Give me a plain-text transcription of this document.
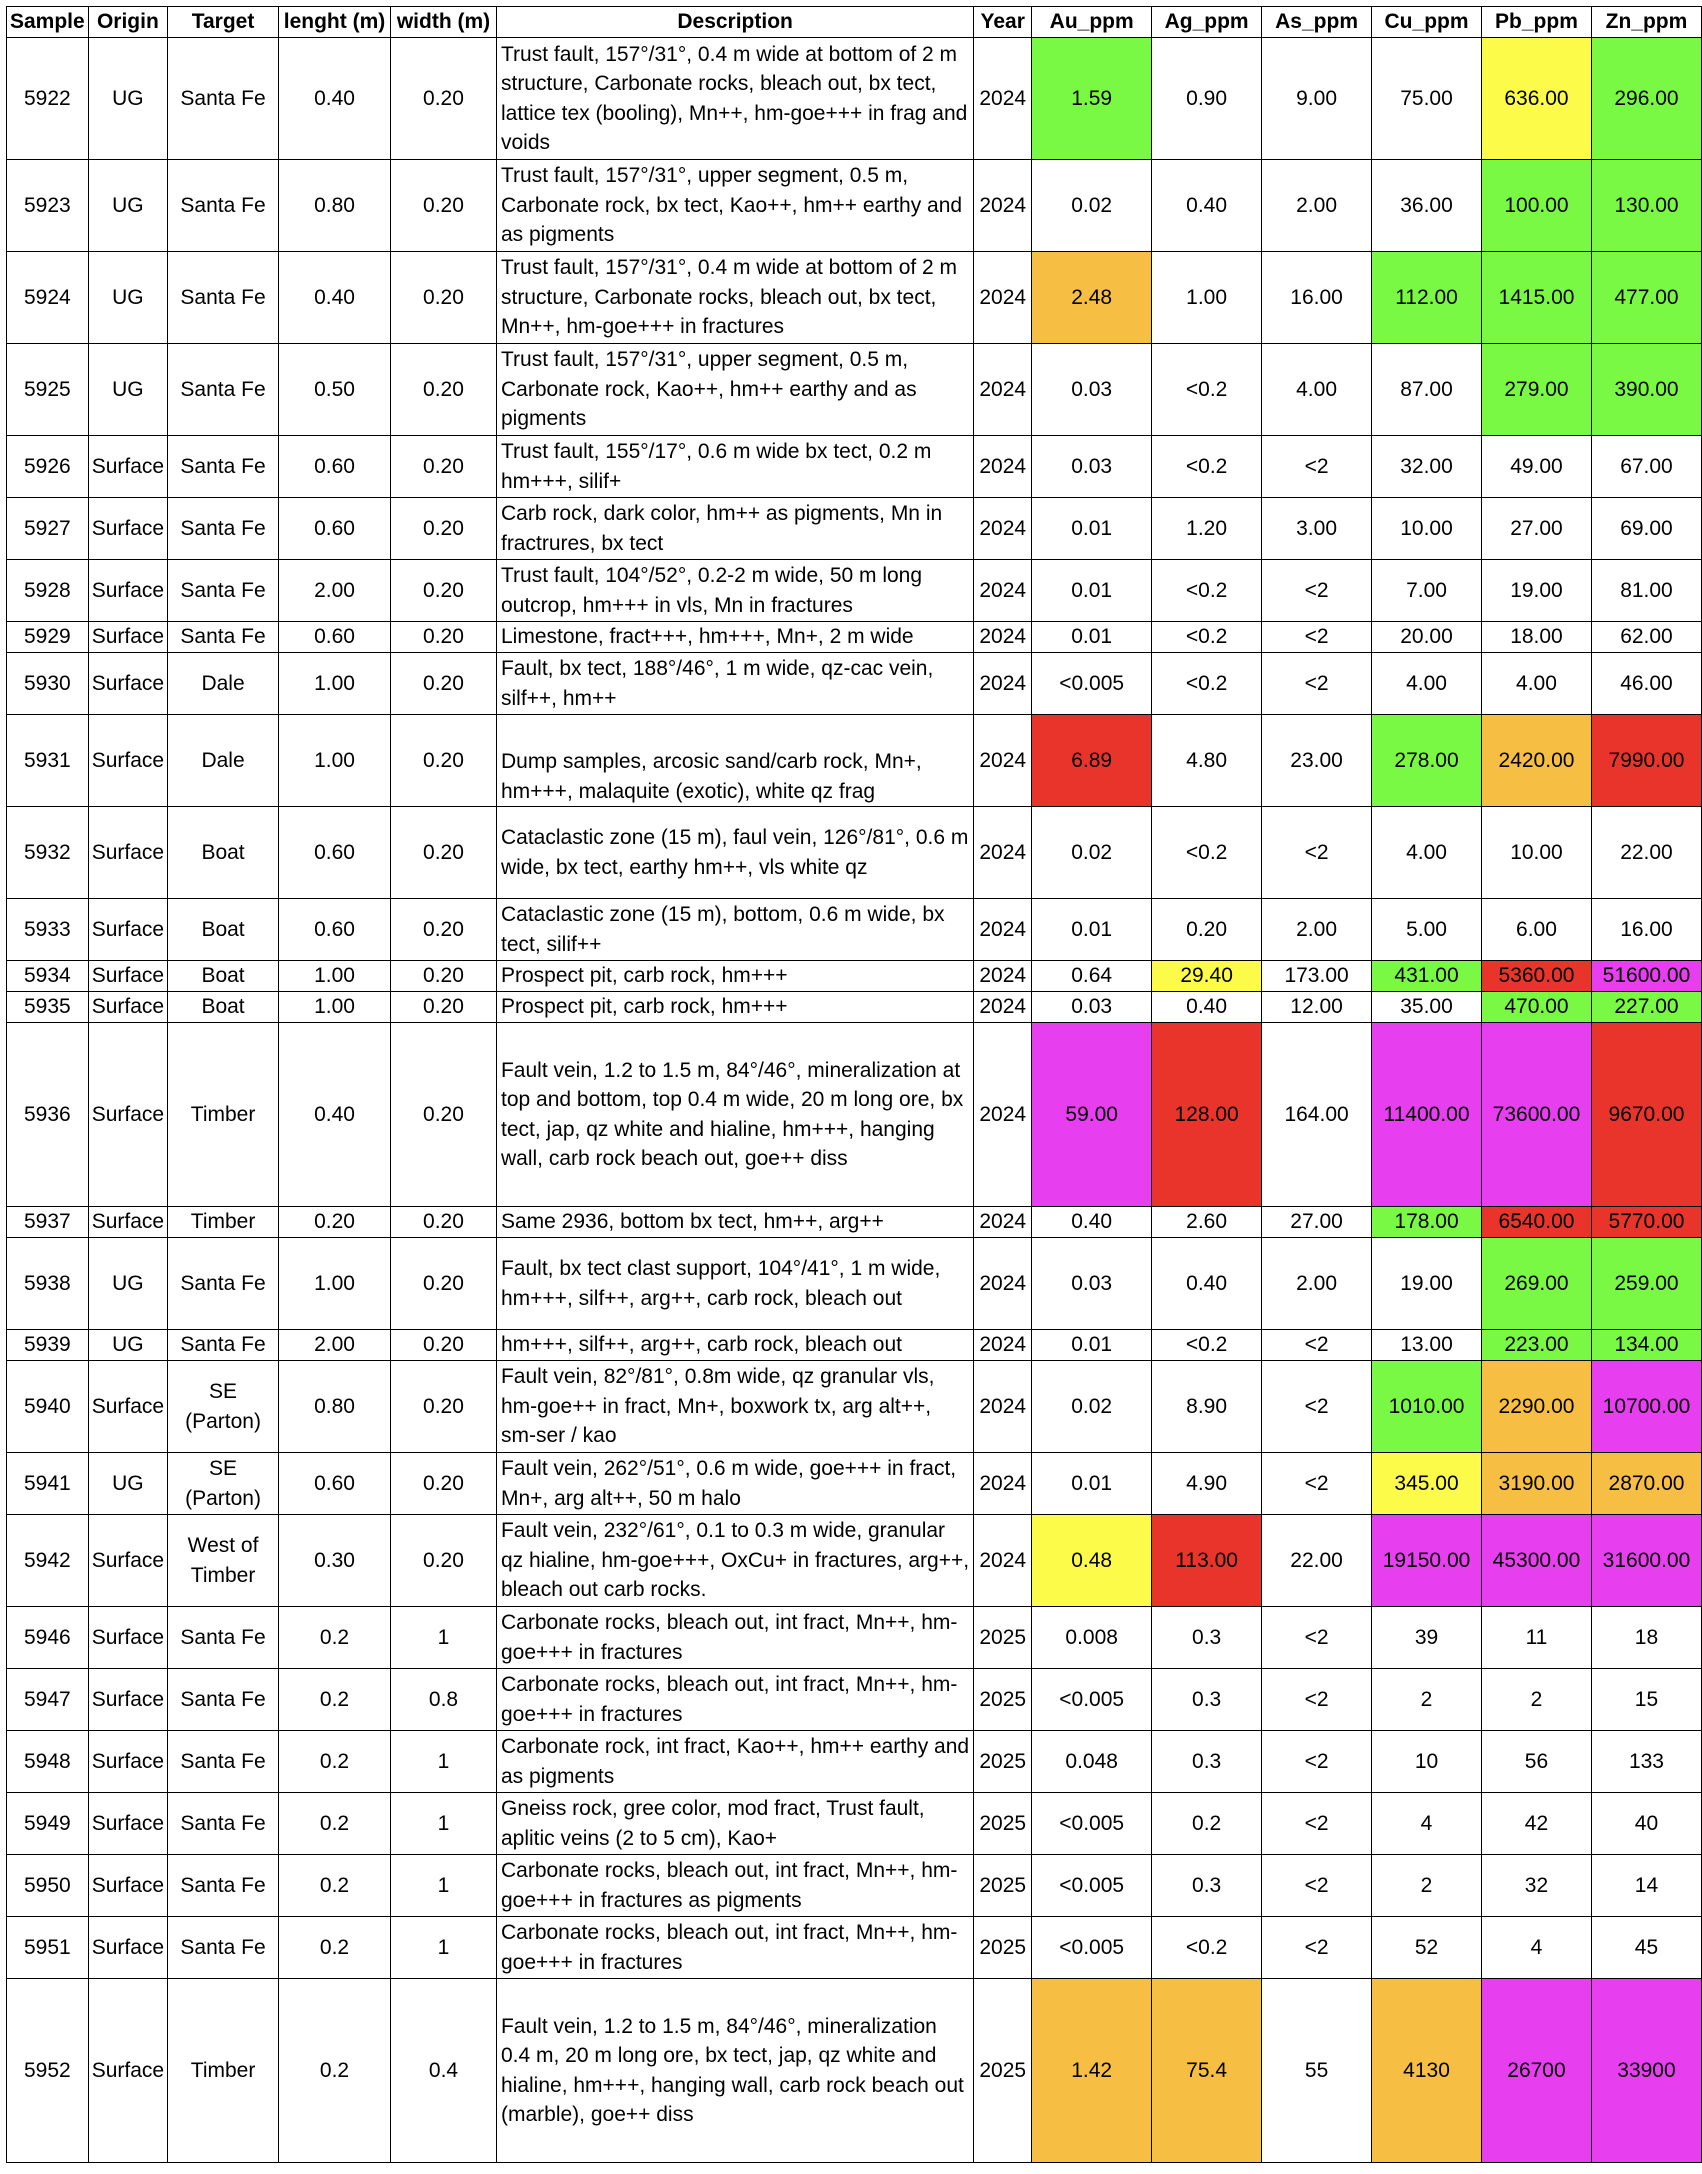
Sample	Origin	Target	lenght (m)	width (m)	Description	Year	Au_ppm	Ag_ppm	As_ppm	Cu_ppm	Pb_ppm	Zn_ppm
5922	UG	Santa Fe	0.40	0.20	Trust fault, 157°/31°, 0.4 m wide at bottom of 2 m structure, Carbonate rocks, bleach out, bx tect, lattice tex (booling), Mn++, hm-goe+++ in frag and voids	2024	1.59	0.90	9.00	75.00	636.00	296.00
5923	UG	Santa Fe	0.80	0.20	Trust fault, 157°/31°, upper segment, 0.5 m, Carbonate rock, bx tect, Kao++, hm++ earthy and as pigments	2024	0.02	0.40	2.00	36.00	100.00	130.00
5924	UG	Santa Fe	0.40	0.20	Trust fault, 157°/31°, 0.4 m wide at bottom of 2 m structure, Carbonate rocks, bleach out, bx tect, Mn++, hm-goe+++ in fractures	2024	2.48	1.00	16.00	112.00	1415.00	477.00
5925	UG	Santa Fe	0.50	0.20	Trust fault, 157°/31°, upper segment, 0.5 m, Carbonate rock, Kao++, hm++ earthy and as pigments	2024	0.03	<0.2	4.00	87.00	279.00	390.00
5926	Surface	Santa Fe	0.60	0.20	Trust fault, 155°/17°, 0.6 m wide bx tect, 0.2 m hm+++, silif+	2024	0.03	<0.2	<2	32.00	49.00	67.00
5927	Surface	Santa Fe	0.60	0.20	Carb rock, dark color, hm++ as pigments, Mn in fractrures, bx tect	2024	0.01	1.20	3.00	10.00	27.00	69.00
5928	Surface	Santa Fe	2.00	0.20	Trust fault, 104°/52°, 0.2-2 m wide, 50 m long outcrop, hm+++ in vls, Mn in fractures	2024	0.01	<0.2	<2	7.00	19.00	81.00
5929	Surface	Santa Fe	0.60	0.20	Limestone, fract+++, hm+++, Mn+, 2 m wide	2024	0.01	<0.2	<2	20.00	18.00	62.00
5930	Surface	Dale	1.00	0.20	Fault, bx tect, 188°/46°, 1 m wide, qz-cac vein, silf++, hm++	2024	<0.005	<0.2	<2	4.00	4.00	46.00
5931	Surface	Dale	1.00	0.20	Dump samples, arcosic sand/carb rock, Mn+, hm+++, malaquite (exotic), white qz frag	2024	6.89	4.80	23.00	278.00	2420.00	7990.00
5932	Surface	Boat	0.60	0.20	Cataclastic zone (15 m), faul vein, 126°/81°, 0.6 m wide, bx tect, earthy hm++, vls white qz	2024	0.02	<0.2	<2	4.00	10.00	22.00
5933	Surface	Boat	0.60	0.20	Cataclastic zone (15 m), bottom, 0.6 m wide, bx tect, silif++	2024	0.01	0.20	2.00	5.00	6.00	16.00
5934	Surface	Boat	1.00	0.20	Prospect pit, carb rock, hm+++	2024	0.64	29.40	173.00	431.00	5360.00	51600.00
5935	Surface	Boat	1.00	0.20	Prospect pit, carb rock, hm+++	2024	0.03	0.40	12.00	35.00	470.00	227.00
5936	Surface	Timber	0.40	0.20	Fault vein, 1.2 to 1.5 m, 84°/46°, mineralization at top and bottom, top 0.4 m wide, 20 m long ore, bx tect, jap, qz white and hialine, hm+++, hanging wall, carb rock beach out, goe++ diss	2024	59.00	128.00	164.00	11400.00	73600.00	9670.00
5937	Surface	Timber	0.20	0.20	Same 2936, bottom bx tect, hm++, arg++	2024	0.40	2.60	27.00	178.00	6540.00	5770.00
5938	UG	Santa Fe	1.00	0.20	Fault, bx tect clast support, 104°/41°, 1 m wide, hm+++, silf++, arg++, carb rock, bleach out	2024	0.03	0.40	2.00	19.00	269.00	259.00
5939	UG	Santa Fe	2.00	0.20	hm+++, silf++, arg++, carb rock, bleach out	2024	0.01	<0.2	<2	13.00	223.00	134.00
5940	Surface	SE (Parton)	0.80	0.20	Fault vein, 82°/81°, 0.8m wide, qz granular vls, hm-goe++ in fract, Mn+, boxwork tx, arg alt++, sm-ser / kao	2024	0.02	8.90	<2	1010.00	2290.00	10700.00
5941	UG	SE (Parton)	0.60	0.20	Fault vein, 262°/51°, 0.6 m wide, goe+++ in fract, Mn+, arg alt++, 50 m halo	2024	0.01	4.90	<2	345.00	3190.00	2870.00
5942	Surface	West of Timber	0.30	0.20	Fault vein, 232°/61°, 0.1 to 0.3 m wide, granular qz hialine, hm-goe+++, OxCu+ in fractures, arg++, bleach out carb rocks.	2024	0.48	113.00	22.00	19150.00	45300.00	31600.00
5946	Surface	Santa Fe	0.2	1	Carbonate rocks, bleach out, int fract, Mn++, hm-goe+++ in fractures	2025	0.008	0.3	<2	39	11	18
5947	Surface	Santa Fe	0.2	0.8	Carbonate rocks, bleach out, int fract, Mn++, hm-goe+++ in fractures	2025	<0.005	0.3	<2	2	2	15
5948	Surface	Santa Fe	0.2	1	Carbonate rock, int fract, Kao++, hm++ earthy and as pigments	2025	0.048	0.3	<2	10	56	133
5949	Surface	Santa Fe	0.2	1	Gneiss rock, gree color, mod fract, Trust fault, aplitic veins (2 to 5 cm), Kao+	2025	<0.005	0.2	<2	4	42	40
5950	Surface	Santa Fe	0.2	1	Carbonate rocks, bleach out, int fract, Mn++, hm-goe+++ in fractures as pigments	2025	<0.005	0.3	<2	2	32	14
5951	Surface	Santa Fe	0.2	1	Carbonate rocks, bleach out, int fract, Mn++, hm-goe+++ in fractures	2025	<0.005	<0.2	<2	52	4	45
5952	Surface	Timber	0.2	0.4	Fault vein, 1.2 to 1.5 m, 84°/46°, mineralization 0.4 m, 20 m long ore, bx tect, jap, qz white and hialine, hm+++, hanging wall, carb rock beach out (marble), goe++ diss	2025	1.42	75.4	55	4130	26700	33900
